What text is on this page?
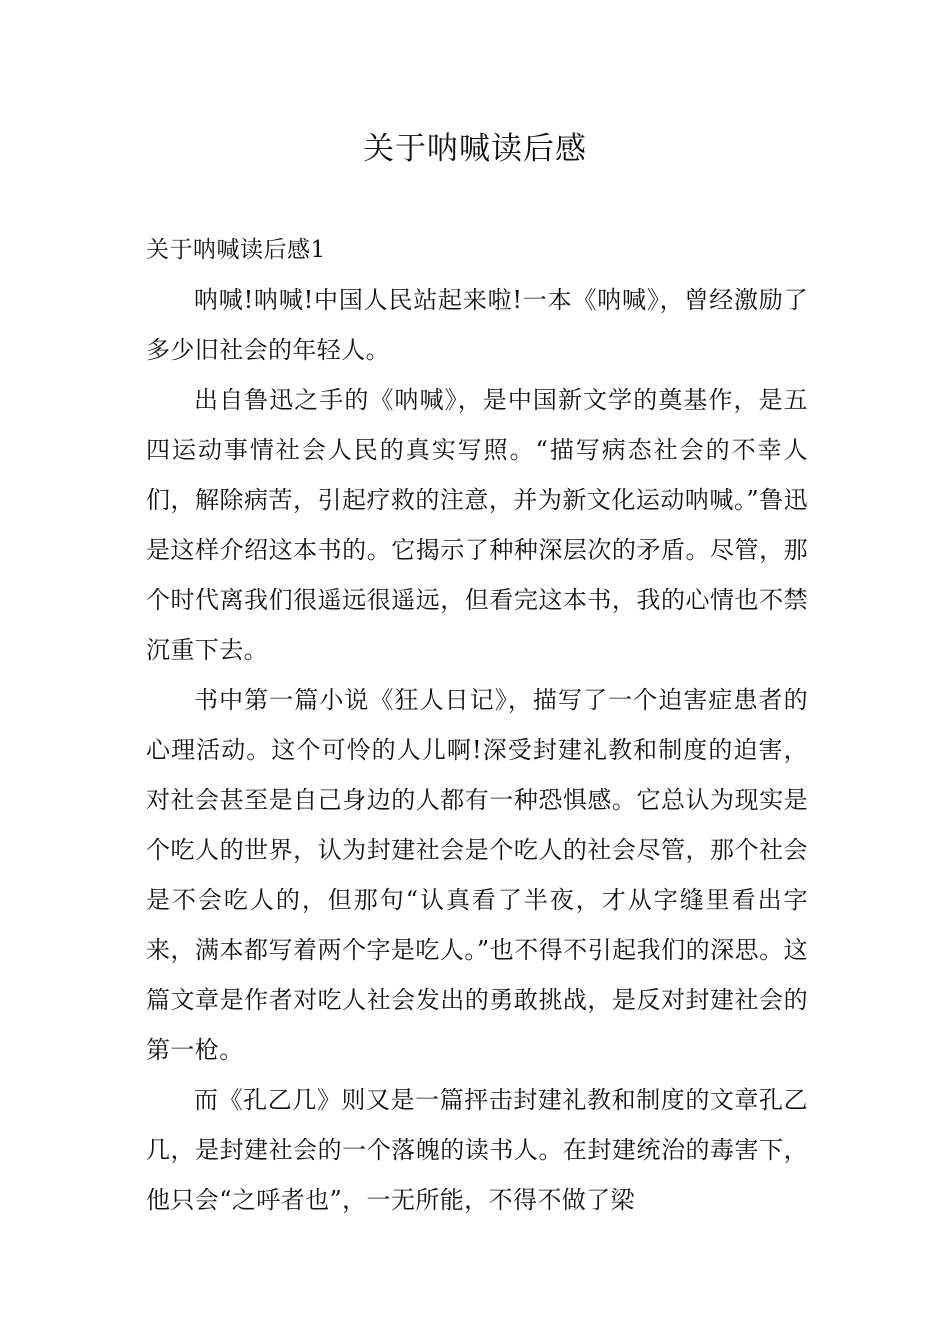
关于呐喊读后感
关于呐喊读后感1

呐喊!呐喊!中国人民站起来啦!一本《呐喊》，曾经激励了多少旧社会的年轻人。

出自鲁迅之手的《呐喊》，是中国新文学的奠基作，是五四运动事情社会人民的真实写照。“描写病态社会的不幸人们，解除病苦，引起疗救的注意，并为新文化运动呐喊。”鲁迅是这样介绍这本书的。它揭示了种种深层次的矛盾。尽管，那个时代离我们很遥远很遥远，但看完这本书，我的心情也不禁沉重下去。

书中第一篇小说《狂人日记》，描写了一个迫害症患者的心理活动。这个可怜的人儿啊!深受封建礼教和制度的迫害，对社会甚至是自己身边的人都有一种恐惧感。它总认为现实是个吃人的世界，认为封建社会是个吃人的社会尽管，那个社会是不会吃人的，但那句“认真看了半夜，才从字缝里看出字来，满本都写着两个字是吃人。”也不得不引起我们的深思。这篇文章是作者对吃人社会发出的勇敢挑战，是反对封建社会的第一枪。

而《孔乙几》则又是一篇抨击封建礼教和制度的文章孔乙几，是封建社会的一个落魄的读书人。在封建统治的毒害下，他只会“之呼者也”，一无所能，不得不做了梁
